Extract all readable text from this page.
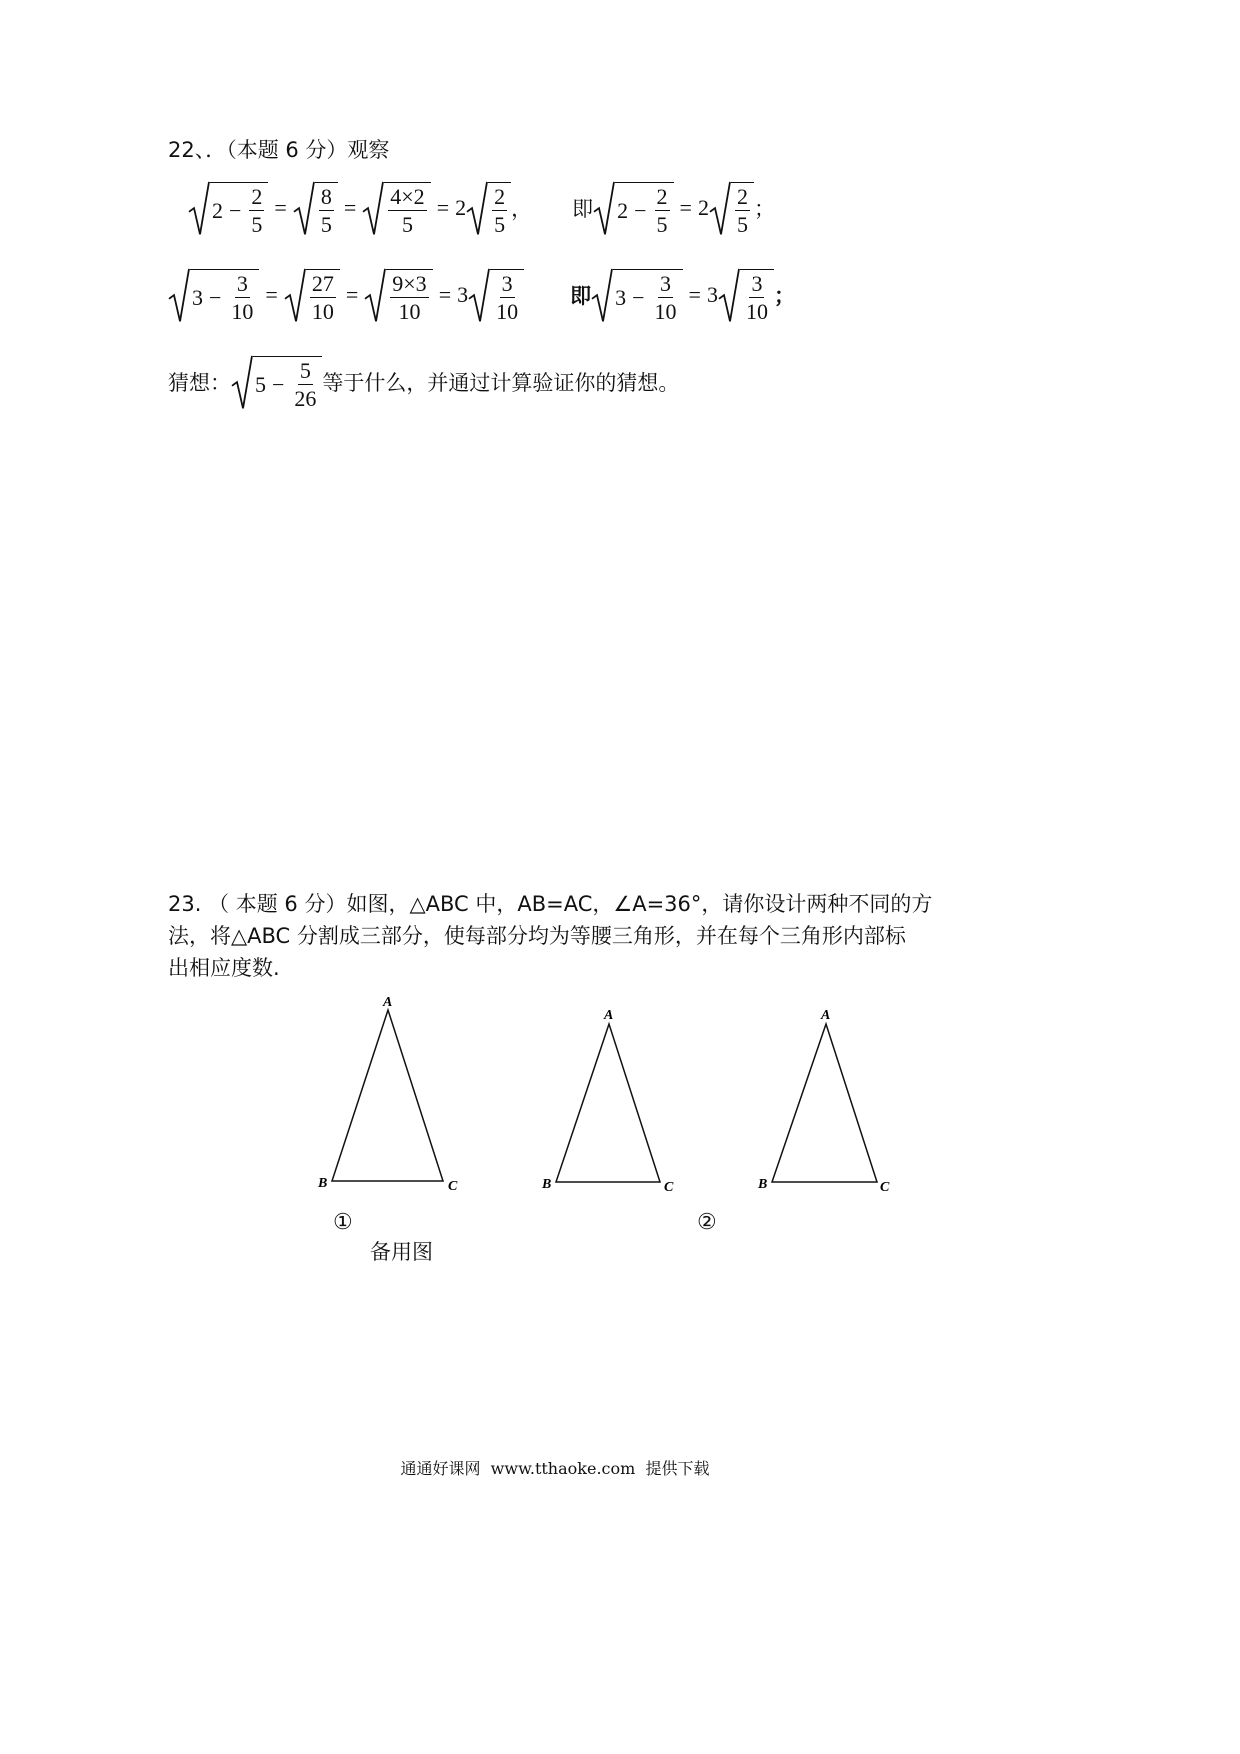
22、．（本题 6 分）观察
$2 - \frac{2}{5} = \frac{8}{5} = \frac{4\times 2}{5} = 2 \frac{2}{5}$ ， 即 $2 - \frac{2}{5} = 2 \frac{2}{5}$ ；
$3 - \frac{3}{10} = \frac{27}{10} = \frac{9\times 3}{10} = 3 \frac{3}{10}$ 即 $3 - \frac{3}{10} = 3 \frac{3}{10}$ ；
猜想： $5 - \frac{5}{26}$ 等于什么，并通过计算验证你的猜想。
23. （ 本题 6 分）如图，△ABC 中，AB=AC，∠A=36°，请你设计两种不同的方
法，将△ABC 分割成三部分，使每部分均为等腰三角形，并在每个三角形内部标
出相应度数.
A
B	C
A
B	C
A
B	C
①	②
备用图
通通好课网  www.tthaoke.com  提供下载
